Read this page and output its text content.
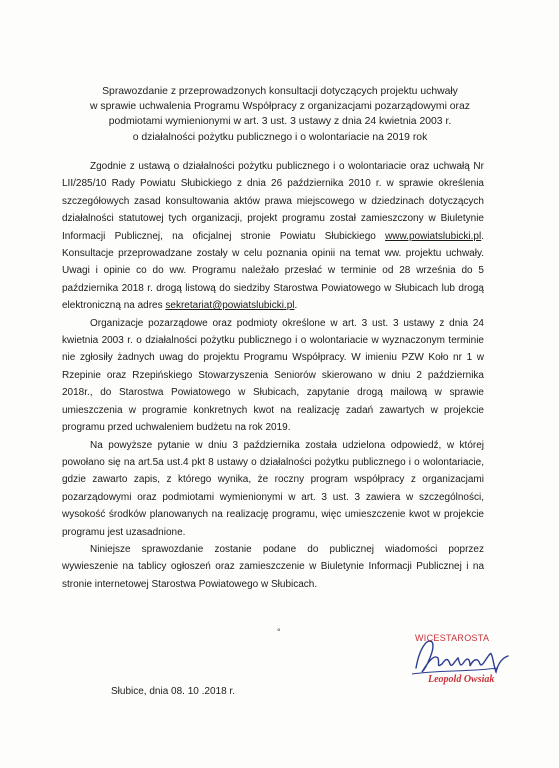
Sprawozdanie z przeprowadzonych konsultacji dotyczących projektu uchwały
w sprawie uchwalenia Programu Współpracy z organizacjami pozarządowymi oraz
podmiotami wymienionymi w art. 3 ust. 3 ustawy z dnia 24 kwietnia 2003 r.
o działalności pożytku publicznego i o wolontariacie na 2019 rok

Zgodnie z ustawą o działalności pożytku publicznego i o wolontariacie oraz uchwałą Nr LII/285/10 Rady Powiatu Słubickiego z dnia 26 października 2010 r. w sprawie określenia szczegółowych zasad konsultowania aktów prawa miejscowego w dziedzinach dotyczących działalności statutowej tych organizacji, projekt programu został zamieszczony w Biuletynie Informacji Publicznej, na oficjalnej stronie Powiatu Słubickiego www.powiatslubicki.pl. Konsultacje przeprowadzane zostały w celu poznania opinii na temat ww. projektu uchwały. Uwagi i opinie co do ww. Programu należało przesłać w terminie od 28 września do 5 października 2018 r. drogą listową do siedziby Starostwa Powiatowego w Słubicach lub drogą elektroniczną na adres sekretariat@powiatslubicki.pl.

Organizacje pozarządowe oraz podmioty określone w art. 3 ust. 3 ustawy z dnia 24 kwietnia 2003 r. o działalności pożytku publicznego i o wolontariacie w wyznaczonym terminie nie zgłosiły żadnych uwag do projektu Programu Współpracy. W imieniu PZW Koło nr 1 w Rzepinie oraz Rzepińskiego Stowarzyszenia Seniorów skierowano w dniu 2 października 2018r., do Starostwa Powiatowego w Słubicach, zapytanie drogą mailową w sprawie umieszczenia w programie konkretnych kwot na realizację zadań zawartych w projekcie programu przed uchwaleniem budżetu na rok 2019.

Na powyższe pytanie w dniu 3 października została udzielona odpowiedź, w której powołano się na art.5a ust.4 pkt 8 ustawy o działalności pożytku publicznego i o wolontariacie, gdzie zawarto zapis, z którego wynika, że roczny program współpracy z organizacjami pozarządowymi oraz podmiotami wymienionymi w art. 3 ust. 3 zawiera w szczególności, wysokość środków planowanych na realizację programu, więc umieszczenie kwot w projekcie programu jest uzasadnione.

Niniejsze sprawozdanie zostanie podane do publicznej wiadomości poprzez wywieszenie na tablicy ogłoszeń oraz zamieszczenie w Biuletynie Informacji Publicznej i na stronie internetowej Starostwa Powiatowego w Słubicach.

°
WICESTAROSTA
Leopold Owsiak
Słubice, dnia 08. 10 .2018 r.
